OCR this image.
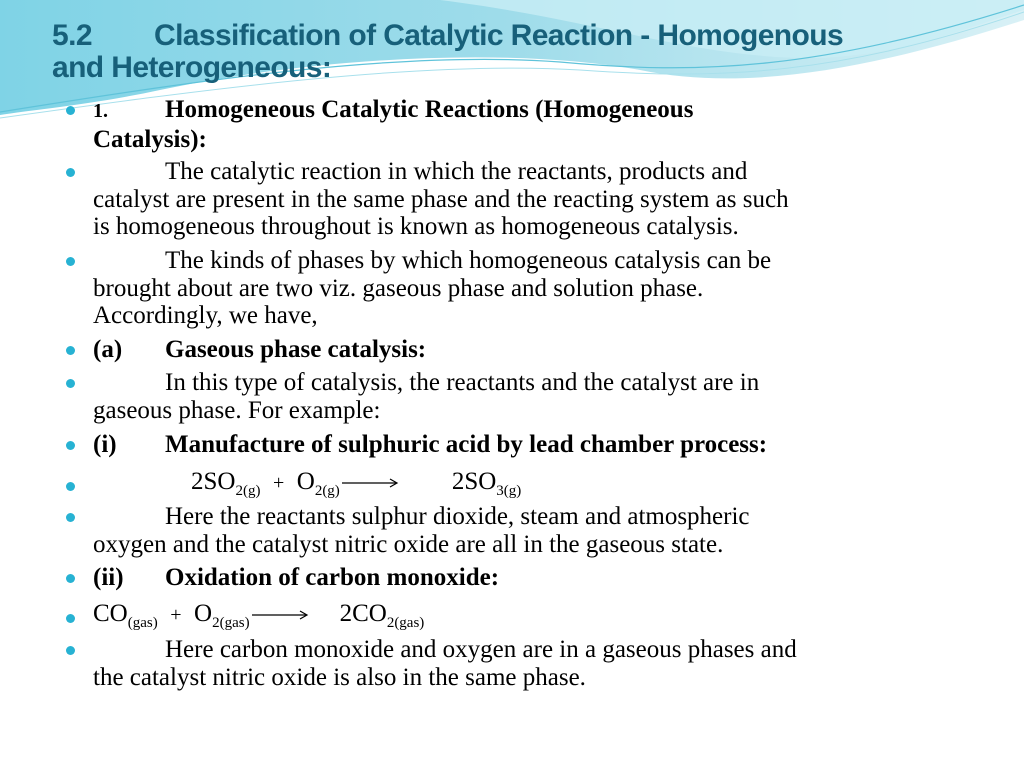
5.2 Classification of Catalytic Reaction - Homogenous
and Heterogeneous:
1. Homogeneous Catalytic Reactions (Homogeneous
Catalysis):
The catalytic reaction in which the reactants, products and
catalyst are present in the same phase and the reacting system as such
is homogeneous throughout is known as homogeneous catalysis.
The kinds of phases by which homogeneous catalysis can be
brought about are two viz. gaseous phase and solution phase.
Accordingly, we have,
(a) Gaseous phase catalysis:
In this type of catalysis, the reactants and the catalyst are in
gaseous phase. For example:
(i) Manufacture of sulphuric acid by lead chamber process:
$2SO_{2(g)} + O_{2(g)}$	$2SO_{3(g)}$
Here the reactants sulphur dioxide, steam and atmospheric
oxygen and the catalyst nitric oxide are all in the gaseous state.
(ii) Oxidation of carbon monoxide:
$CO_{(gas)} + O_{2(gas)}$	$2CO_{2(gas)}$
Here carbon monoxide and oxygen are in a gaseous phases and
the catalyst nitric oxide is also in the same phase.
